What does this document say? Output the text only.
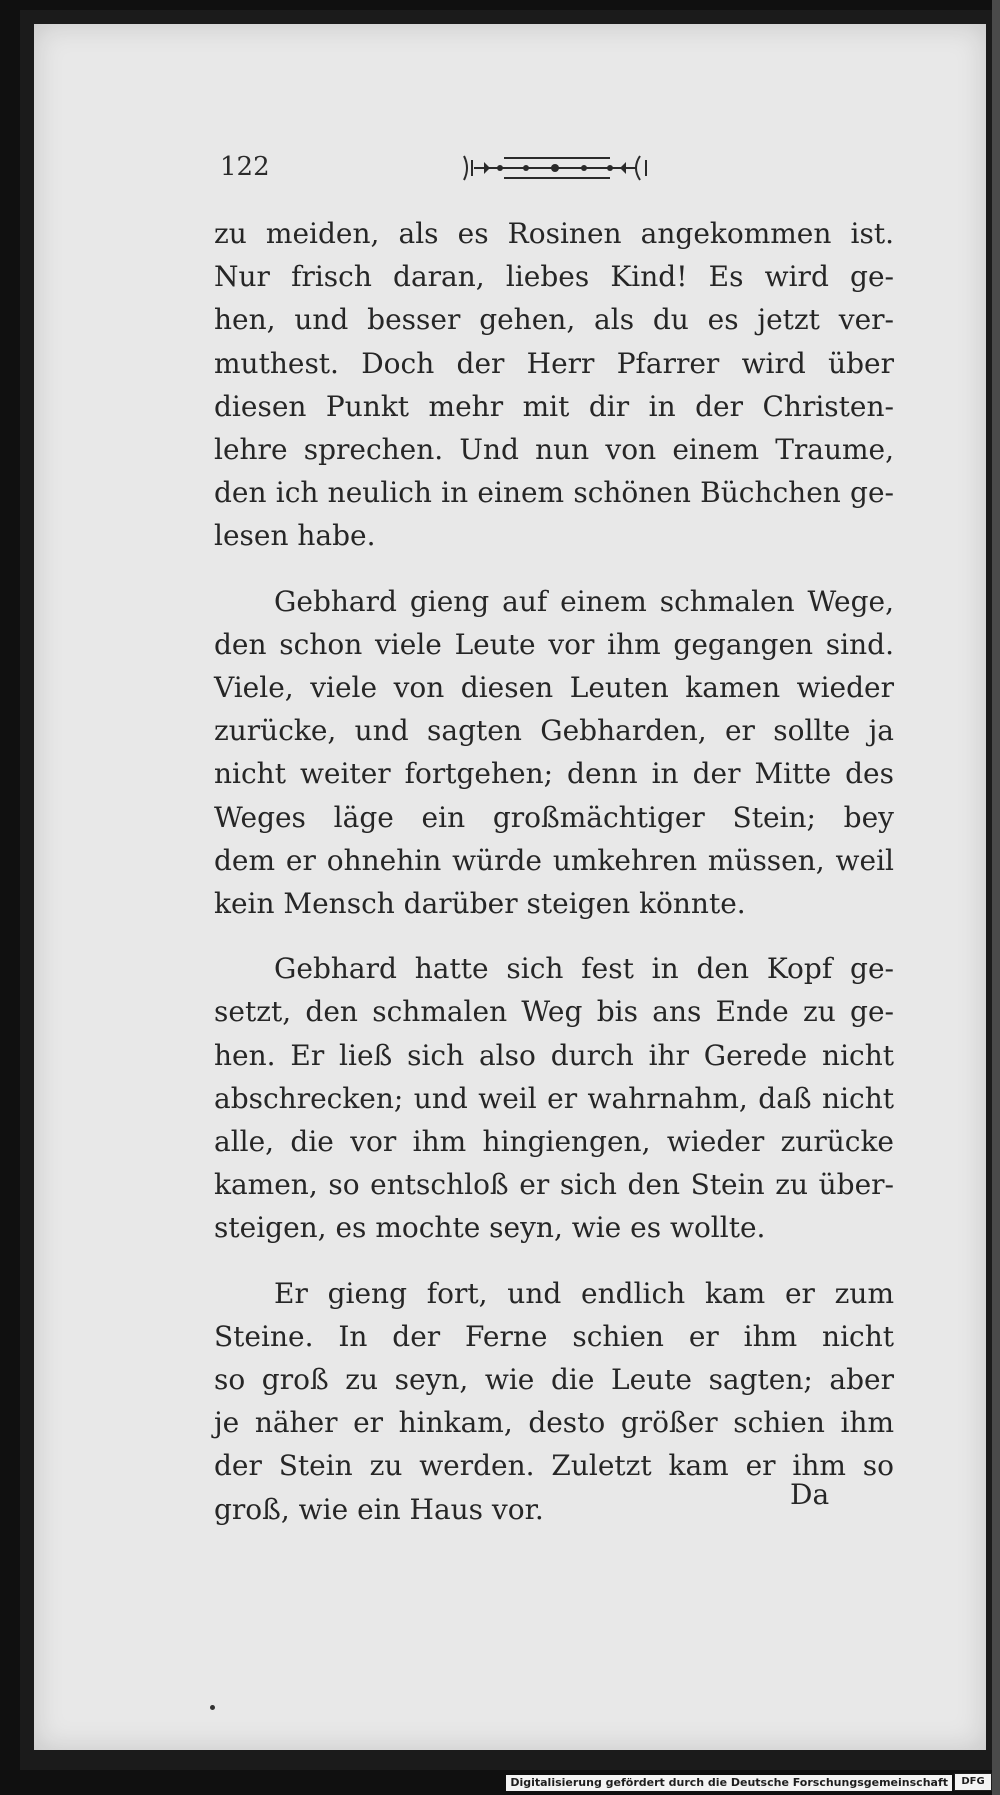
122
zu meiden, als es Rosinen angekommen ist.
Nur frisch daran, liebes Kind! Es wird ge-
hen, und besser gehen, als du es jetzt ver-
muthest. Doch der Herr Pfarrer wird über
diesen Punkt mehr mit dir in der Christen-
lehre sprechen. Und nun von einem Traume,
den ich neulich in einem schönen Büchchen ge-
lesen habe.
Gebhard gieng auf einem schmalen Wege,
den schon viele Leute vor ihm gegangen sind.
Viele, viele von diesen Leuten kamen wieder
zurücke, und sagten Gebharden, er sollte ja
nicht weiter fortgehen; denn in der Mitte des
Weges läge ein großmächtiger Stein; bey
dem er ohnehin würde umkehren müssen, weil
kein Mensch darüber steigen könnte.
Gebhard hatte sich fest in den Kopf ge-
setzt, den schmalen Weg bis ans Ende zu ge-
hen. Er ließ sich also durch ihr Gerede nicht
abschrecken; und weil er wahrnahm, daß nicht
alle, die vor ihm hingiengen, wieder zurücke
kamen, so entschloß er sich den Stein zu über-
steigen, es mochte seyn, wie es wollte.
Er gieng fort, und endlich kam er zum
Steine. In der Ferne schien er ihm nicht
so groß zu seyn, wie die Leute sagten; aber
je näher er hinkam, desto größer schien ihm
der Stein zu werden. Zuletzt kam er ihm so
groß, wie ein Haus vor.	Da
Digitalisierung gefördert durch die Deutsche Forschungsgemeinschaft	DFG
